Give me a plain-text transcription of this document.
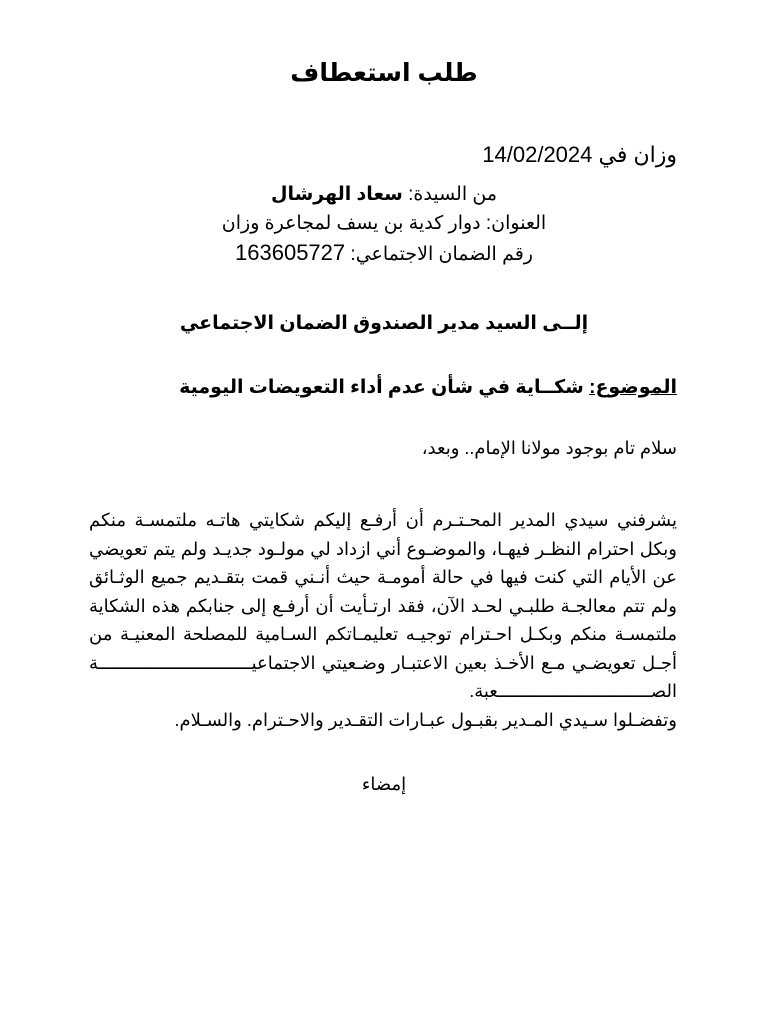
طلب استعطاف
وزان في 14/02/2024
من السيدة: سعاد الهرشال
العنوان: دوار كدية بن يسف لمجاعرة وزان
رقم الضمان الاجتماعي: 163605727
إلــى السيد مدير الصندوق الضمان الاجتماعي
الموضوع: شكــاية في شأن عدم أداء التعويضات اليومية
سلام تام بوجود مولانا الإمام.. وبعد،

يشرفني سيدي المدير المحـتـرم أن أرفـع إليكم شكايتي هاتـه ملتمسـة منكم وبكل احترام النظـر فيهـا، والموضـوع أني ازداد لي مولـود جديـد ولم يتم تعويضي عن الأيام التي كنت فيها في حالة أمومـة حيث أنـني قمت بتقـديم جميع الوثـائق ولم تتم معالجـة طلبـي لحـد الآن، فقد ارتـأيت أن أرفـع إلى جنابكم هذه الشكاية ملتمسـة منكم وبكـل احـترام توجيـه تعليمـاتكم السـامية للمصلحة المعنيـة من أجـل تعويضـي مـع الأخـذ بعين الاعتبـار وضـعيتي الاجتماعيـــــــــــــــــــــــــــــة الصـــــــــــــــــــــــــــــعبة.

وتفضـلوا سـيدي المـدير بقبـول عبـارات التقـدير والاحـترام. والسـلام.

إمضاء
